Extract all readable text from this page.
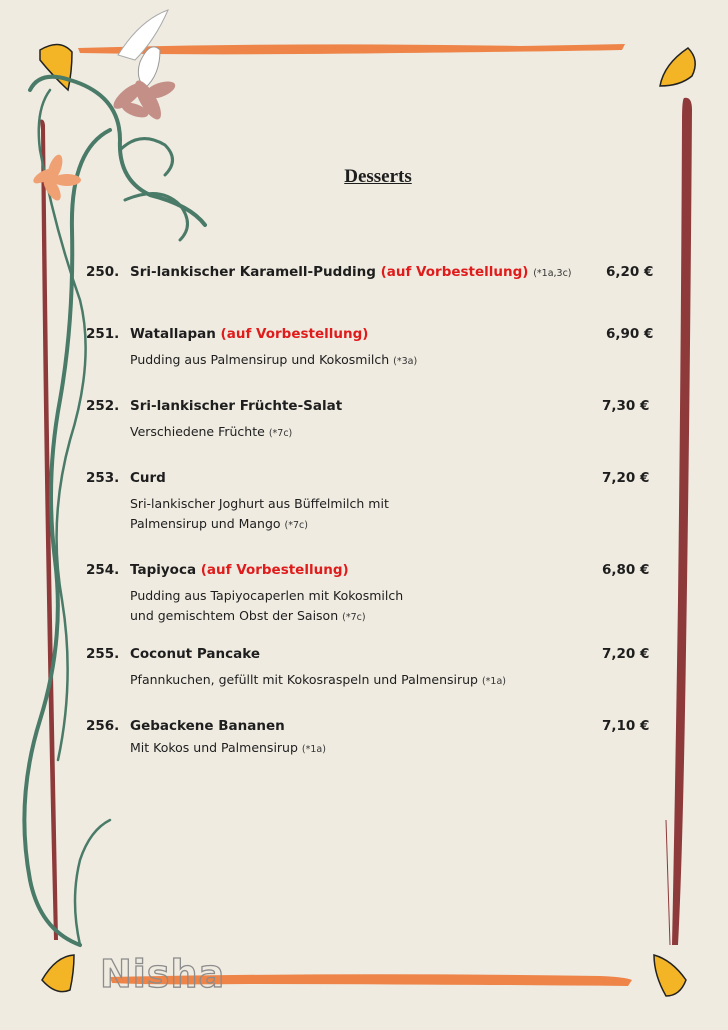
Desserts
250. Sri-lankischer Karamell-Pudding (auf Vorbestellung) (*1a,3c)	6,20 €
251. Watallapan (auf Vorbestellung)	6,90 €
Pudding aus Palmensirup und Kokosmilch (*3a)
252. Sri-lankischer Früchte-Salat	7,30 €
Verschiedene Früchte (*7c)
253. Curd	7,20 €
Sri-lankischer Joghurt aus Büffelmilch mit
Palmensirup und Mango (*7c)
254. Tapiyoca (auf Vorbestellung)	6,80 €
Pudding aus Tapiyocaperlen mit Kokosmilch
und gemischtem Obst der Saison (*7c)
255. Coconut Pancake	7,20 €
Pfannkuchen, gefüllt mit Kokosraspeln und Palmensirup (*1a)
256. Gebackene Bananen	7,10 €
Mit Kokos und Palmensirup (*1a)
Nisha
